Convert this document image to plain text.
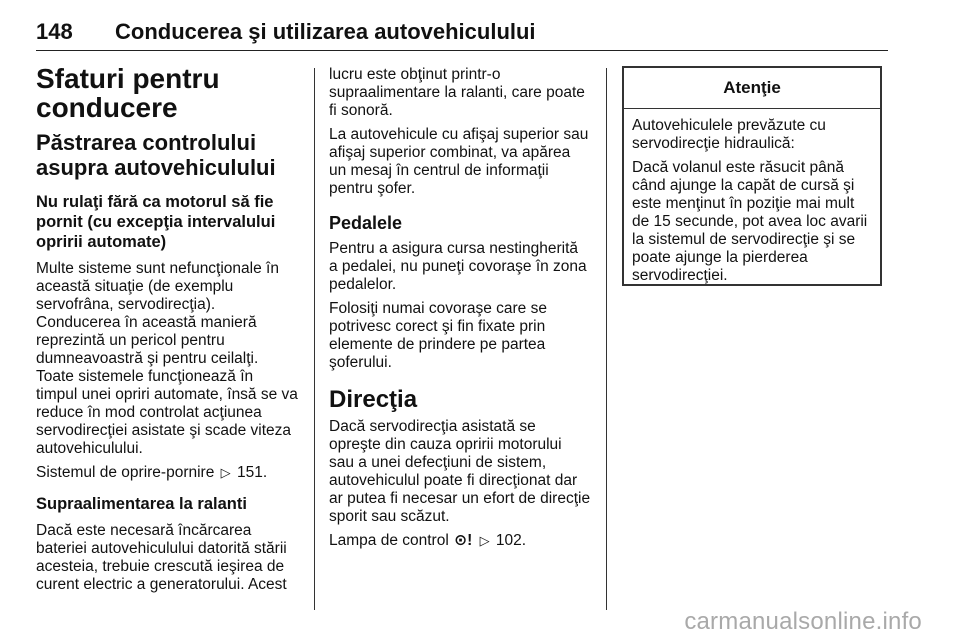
148 Conducerea şi utilizarea autovehiculului
Sfaturi pentru
conducere
Păstrarea controlului
asupra autovehiculului
Nu rulaţi fără ca motorul să fie
pornit (cu excepţia intervalului
opririi automate)
Multe sisteme sunt nefuncţionale în
această situaţie (de exemplu
servofrâna, servodirecţia).
Conducerea în această manieră
reprezintă un pericol pentru
dumneavoastră şi pentru ceilalţi.
Toate sistemele funcţionează în
timpul unei opriri automate, însă se va
reduce în mod controlat acţiunea
servodirecţiei asistate şi scade viteza
autovehiculului.
Sistemul de oprire-pornire ▷ 151.
Supraalimentarea la ralanti
Dacă este necesară încărcarea
bateriei autovehiculului datorită stării
acesteia, trebuie crescută ieşirea de
curent electric a generatorului. Acest
lucru este obţinut printr-o
supraalimentare la ralanti, care poate
fi sonoră.
La autovehicule cu afişaj superior sau
afişaj superior combinat, va apărea
un mesaj în centrul de informaţii
pentru şofer.
Pedalele
Pentru a asigura cursa nestingherită
a pedalei, nu puneţi covoraşe în zona
pedalelor.
Folosiţi numai covoraşe care se
potrivesc corect şi fin fixate prin
elemente de prindere pe partea
şoferului.
Direcţia
Dacă servodirecţia asistată se
opreşte din cauza opririi motorului
sau a unei defecţiuni de sistem,
autovehiculul poate fi direcţionat dar
ar putea fi necesar un efort de direcţie
sporit sau scăzut.
Lampa de control ⊙! ▷ 102.
Atenţie
Autovehiculele prevăzute cu
servodirecţie hidraulică:
Dacă volanul este răsucit până
când ajunge la capăt de cursă şi
este menţinut în poziţie mai mult
de 15 secunde, pot avea loc avarii
la sistemul de servodirecţie şi se
poate ajunge la pierderea
servodirecţiei.
carmanualsonline.info
